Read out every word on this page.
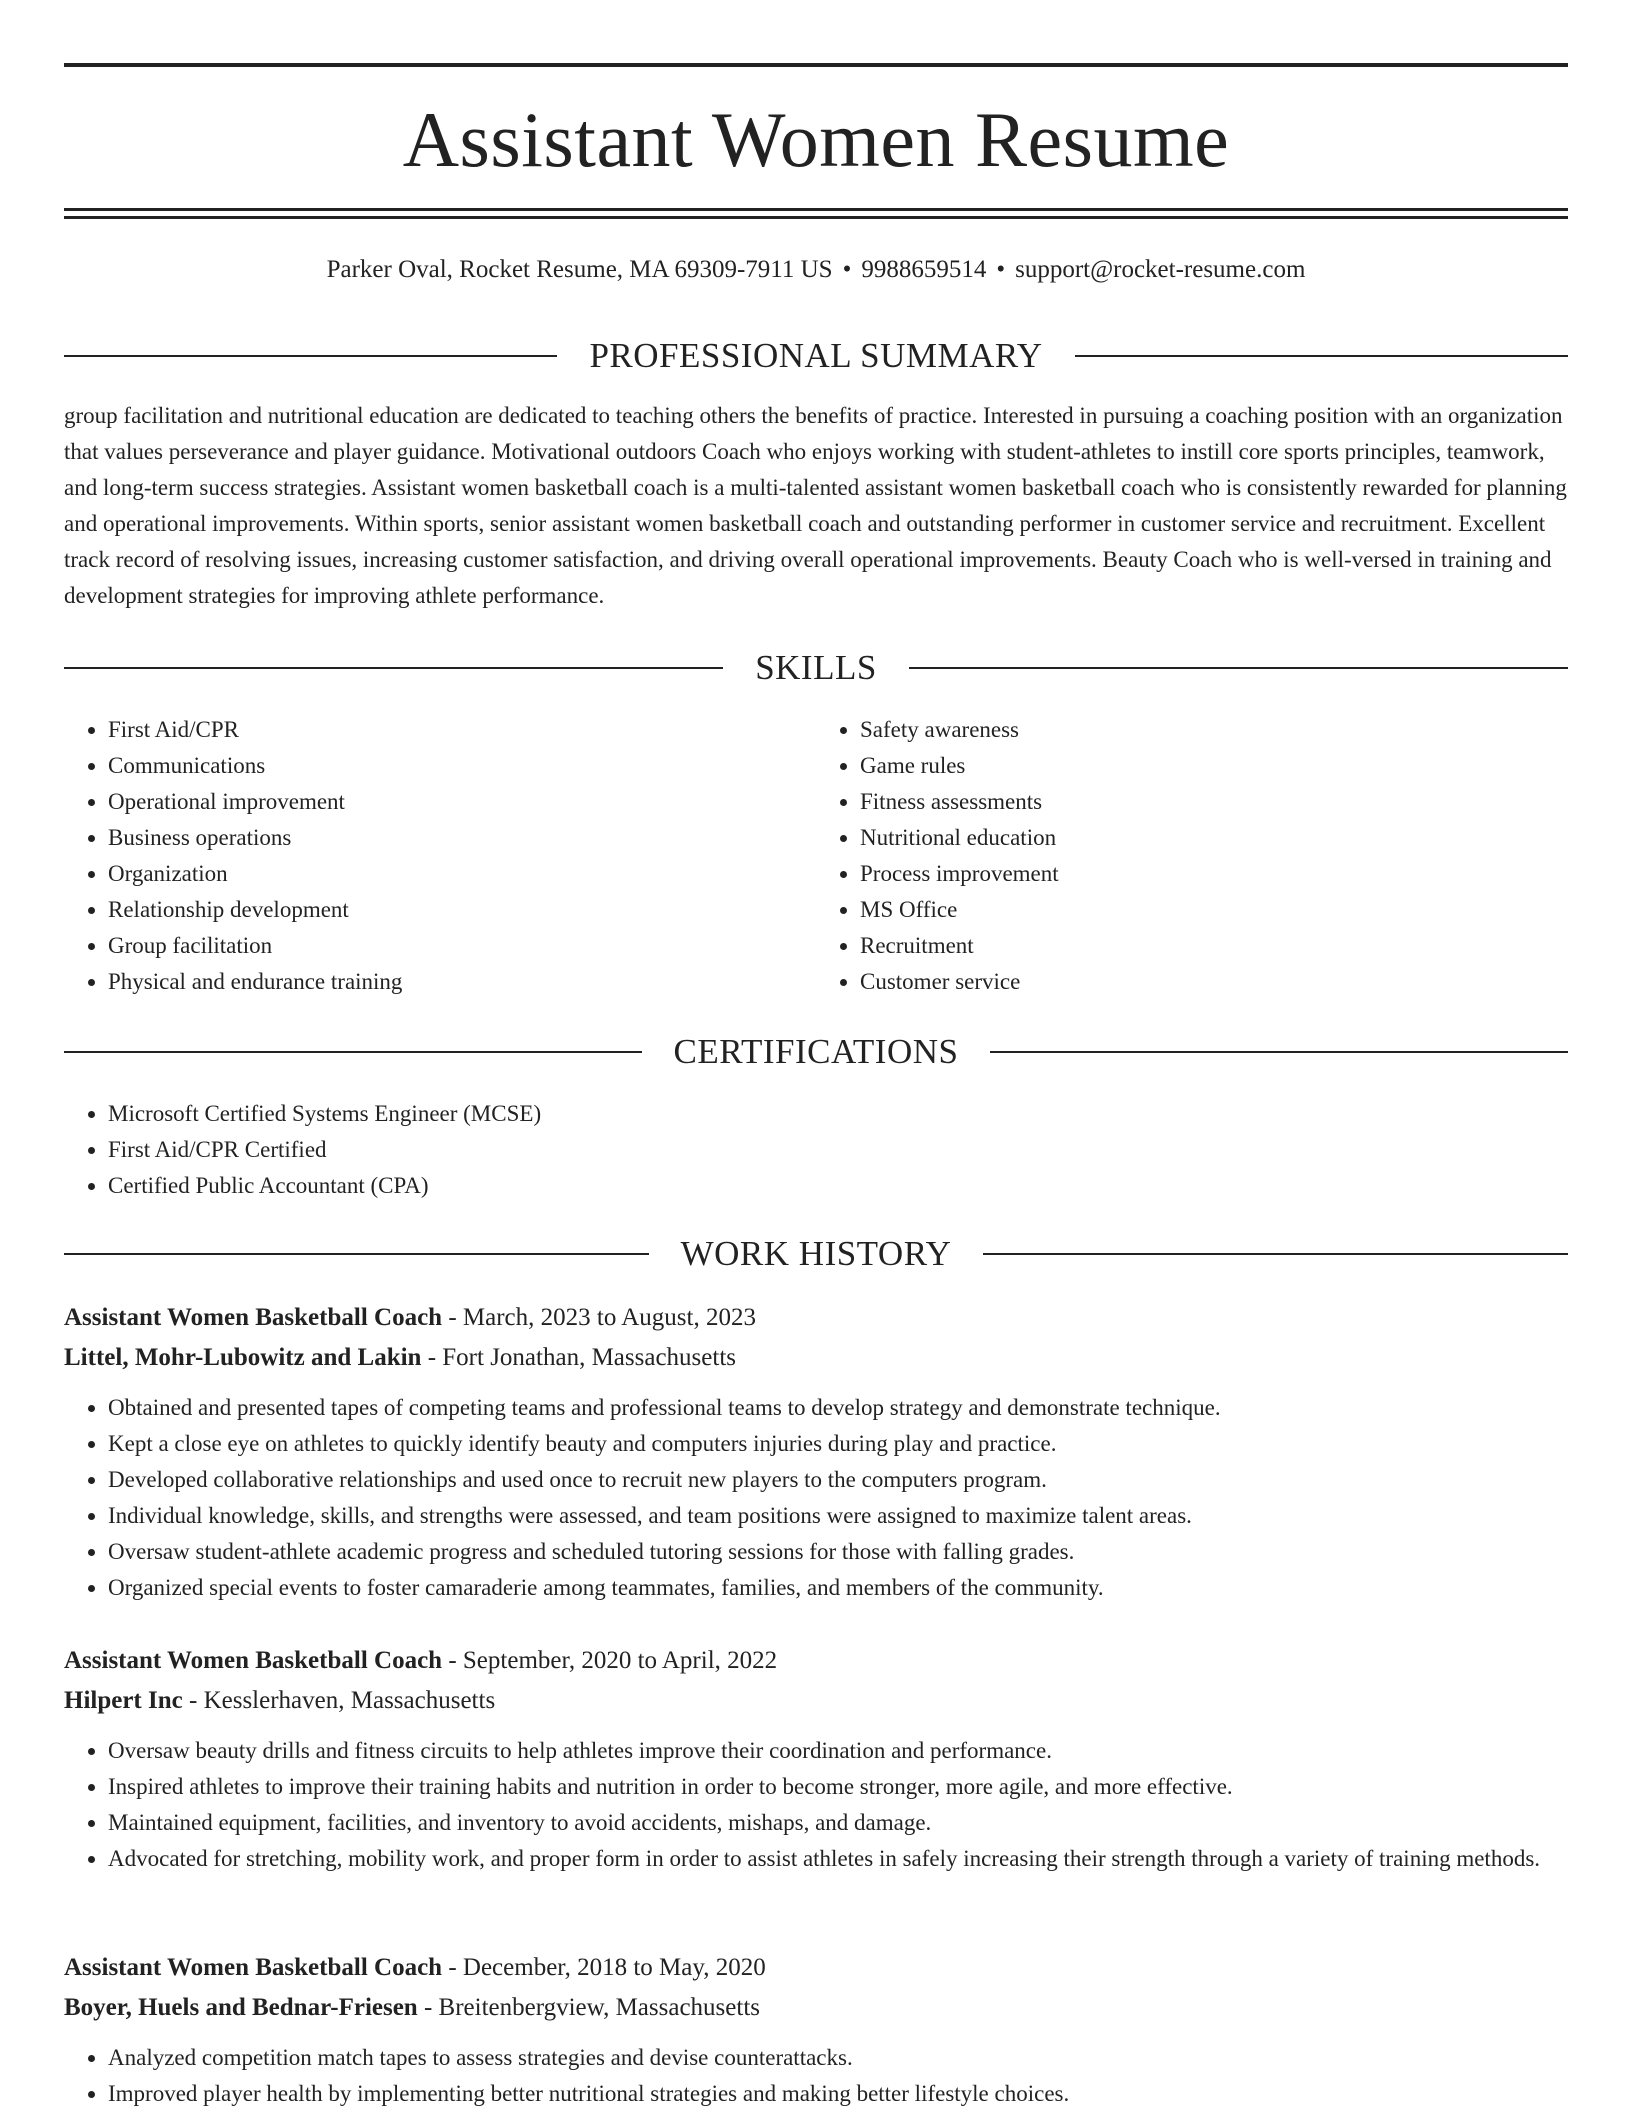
Assistant Women Resume
Parker Oval, Rocket Resume, MA 69309-7911 US • 9988659514 • support@rocket-resume.com
PROFESSIONAL SUMMARY

group facilitation and nutritional education are dedicated to teaching others the benefits of practice. Interested in pursuing a coaching position with an organization that values perseverance and player guidance. Motivational outdoors Coach who enjoys working with student-athletes to instill core sports principles, teamwork, and long-term success strategies. Assistant women basketball coach is a multi-talented assistant women basketball coach who is consistently rewarded for planning and operational improvements. Within sports, senior assistant women basketball coach and outstanding performer in customer service and recruitment. Excellent track record of resolving issues, increasing customer satisfaction, and driving overall operational improvements. Beauty Coach who is well-versed in training and development strategies for improving athlete performance.

SKILLS
• First Aid/CPR
• Communications
• Operational improvement
• Business operations
• Organization
• Relationship development
• Group facilitation
• Physical and endurance training
• Safety awareness
• Game rules
• Fitness assessments
• Nutritional education
• Process improvement
• MS Office
• Recruitment
• Customer service
CERTIFICATIONS
• Microsoft Certified Systems Engineer (MCSE)
• First Aid/CPR Certified
• Certified Public Accountant (CPA)
WORK HISTORY
Assistant Women Basketball Coach - March, 2023 to August, 2023
Littel, Mohr-Lubowitz and Lakin - Fort Jonathan, Massachusetts
• Obtained and presented tapes of competing teams and professional teams to develop strategy and demonstrate technique.
• Kept a close eye on athletes to quickly identify beauty and computers injuries during play and practice.
• Developed collaborative relationships and used once to recruit new players to the computers program.
• Individual knowledge, skills, and strengths were assessed, and team positions were assigned to maximize talent areas.
• Oversaw student-athlete academic progress and scheduled tutoring sessions for those with falling grades.
• Organized special events to foster camaraderie among teammates, families, and members of the community.
Assistant Women Basketball Coach - September, 2020 to April, 2022
Hilpert Inc - Kesslerhaven, Massachusetts
• Oversaw beauty drills and fitness circuits to help athletes improve their coordination and performance.
• Inspired athletes to improve their training habits and nutrition in order to become stronger, more agile, and more effective.
• Maintained equipment, facilities, and inventory to avoid accidents, mishaps, and damage.
• Advocated for stretching, mobility work, and proper form in order to assist athletes in safely increasing their strength through a variety of training methods.
Assistant Women Basketball Coach - December, 2018 to May, 2020
Boyer, Huels and Bednar-Friesen - Breitenbergview, Massachusetts
• Analyzed competition match tapes to assess strategies and devise counterattacks.
• Improved player health by implementing better nutritional strategies and making better lifestyle choices.
